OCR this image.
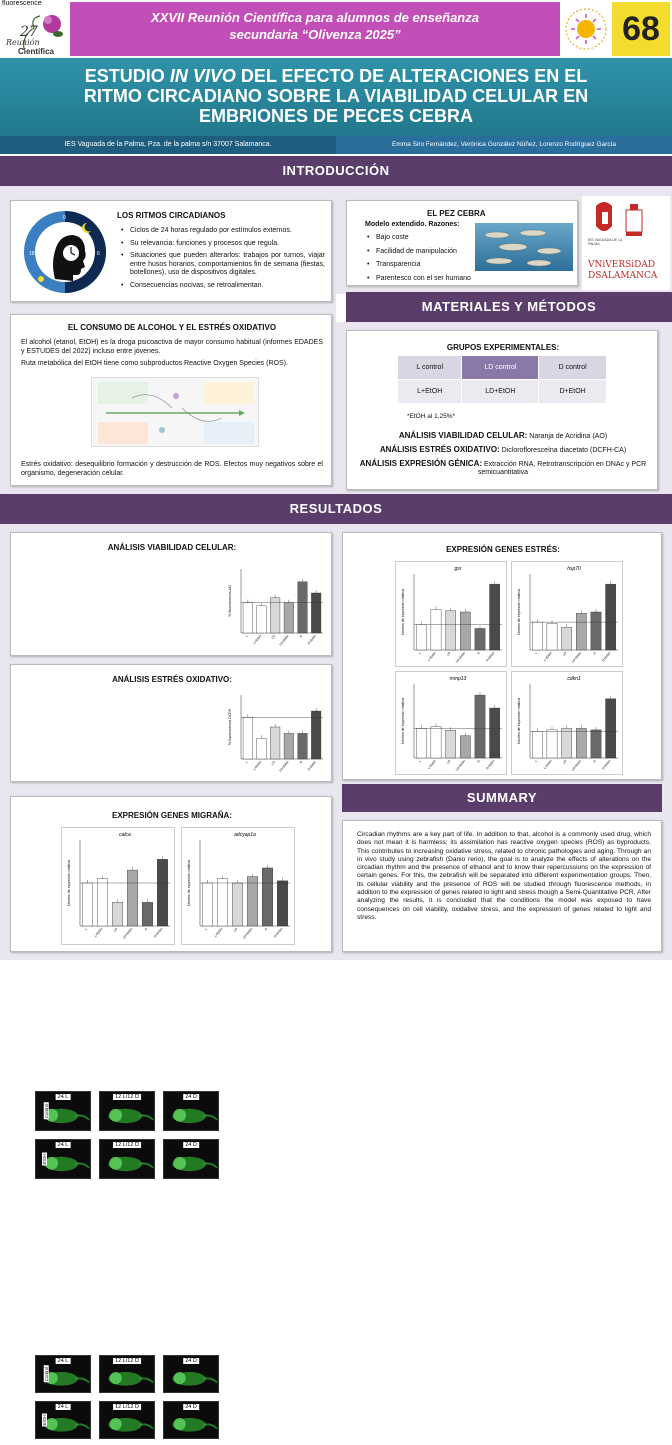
fluorescence
27
Reunión
Científica
XXVII Reunión Científica para alumnos de enseñanza
secundaria “Olivenza 2025”	68
ESTUDIO IN VIVO DEL EFECTO DE ALTERACIONES EN EL
RITMO CIRCADIANO SOBRE LA VIABILIDAD CELULAR EN
EMBRIONES DE PECES CEBRA
IES Vaguada de la Palma, Pza. de la palma s/n 37007 Salamanca.	Emma Siro Fernández, Verónica González Núñez, Lorenzo Rodríguez García
INTRODUCCIÓN
18
0
6
LOS RITMOS CIRCADIANOS
• Ciclos de 24 horas regulado por estímulos externos.
• Su relevancia: funciones y procesos que regula.
• Situaciones que pueden alterarlos: trabajos por turnos, viajar entre husos horarios, comportamientos fin de semana (fiestas, botellones), uso de dispositivos digitales.
• Consecuencias nocivas, se retroalimentan.
EL PEZ CEBRA
Modelo extendido. Razones:
• Bajo coste
• Facilidad de manipulación
• Transparencia
• Parentesco con el ser humano
IES VAGUADA DE LA PALMA
VNiVERSiDAD
DSALAMANCA
EL CONSUMO DE ALCOHOL Y EL ESTRÉS OXIDATIVO
El alcohol (etanol, EtOH) es la droga psicoactiva de mayor consumo habitual (informes EDADES y ESTUDES del 2022) incluso entre jóvenes.
Ruta metabólica del EtOH tiene como subproductos Reactive Oxygen Species (ROS).
Estrés oxidativo: desequilibrio formación y destrucción de ROS. Efectos muy negativos sobre el organismo, degeneración celular.
MATERIALES Y MÉTODOS
GRUPOS EXPERIMENTALES:
L control	LD control	D control
L+EtOH	LD+EtOH	D+EtOH
*EtOH al 1,25%*
ANÁLISIS VIABILIDAD CELULAR: Naranja de Acridina (AO)
ANÁLISIS ESTRÉS OXIDATIVO: Diclorofloresceína diacetato (DCFH-CA)
ANÁLISIS EXPRESIÓN GÉNICA: Extracción RNA, Retrotranscripción en DNAc y PCR
semicuantitativa
RESULTADOS
ANÁLISIS VIABILIDAD CELULAR:
24 L
Control
12 L/12 D	24 D
24 L
EtOH
12 L/12 D	24 D
% fluorescencia AO
L L+EtOH	LD LD+EtOH	D D+EtOH
ANÁLISIS ESTRÉS OXIDATIVO:
24 L
Control
12 L/12 D	24 D
24 L
EtOH
12 L/12 D	24 D
% fluorescencia DCFH
L L+EtOH	LD LD+EtOH	D D+EtOH
EXPRESIÓN GENES MIGRAÑA:
calca
Niveles de expresión relativa
L L+EtOH	LD LD+EtOH	D D+EtOH
adcyap1a
Niveles de expresión relativa
L L+EtOH	LD LD+EtOH	D D+EtOH
EXPRESIÓN GENES ESTRÉS:
gsr
Niveles de expresión relativa
L L+EtOH	LD LD+EtOH	D D+EtOH
hsp70
Niveles de expresión relativa
L L+EtOH	LD LD+EtOH	D D+EtOH
mmp13
Niveles de expresión relativa
L L+EtOH	LD LD+EtOH	D D+EtOH
cdkn1
Niveles de expresión relativa
L L+EtOH	LD LD+EtOH	D D+EtOH
SUMMARY

Circadian rhythms are a key part of life. In addition to that, alcohol is a commonly used drug, which does not mean it is harmless; its assimilation has reactive oxygen species (ROS) as byproducts. This contributes to increasing oxidative stress, related to chronic pathologies and aging. Through an in vivo study using zebrafish (Danio rerio), the goal is to analyze the effects of alterations on the circadian rhythm and the presence of ethanol and to know their repercussions on the expression of certain genes. For this, the zebrafish will be separated into different experimentation groups. Then, its cellular viability and the presence of ROS will be studied through fluorescence methods, in addition to the expression of genes related to light and stress though a Semi-Quantitative PCR. After analyzing the results, it is concluded that the conditions the model was exposed to have consequences on cell viability, oxidative stress, and the expression of genes related to light and stress.
